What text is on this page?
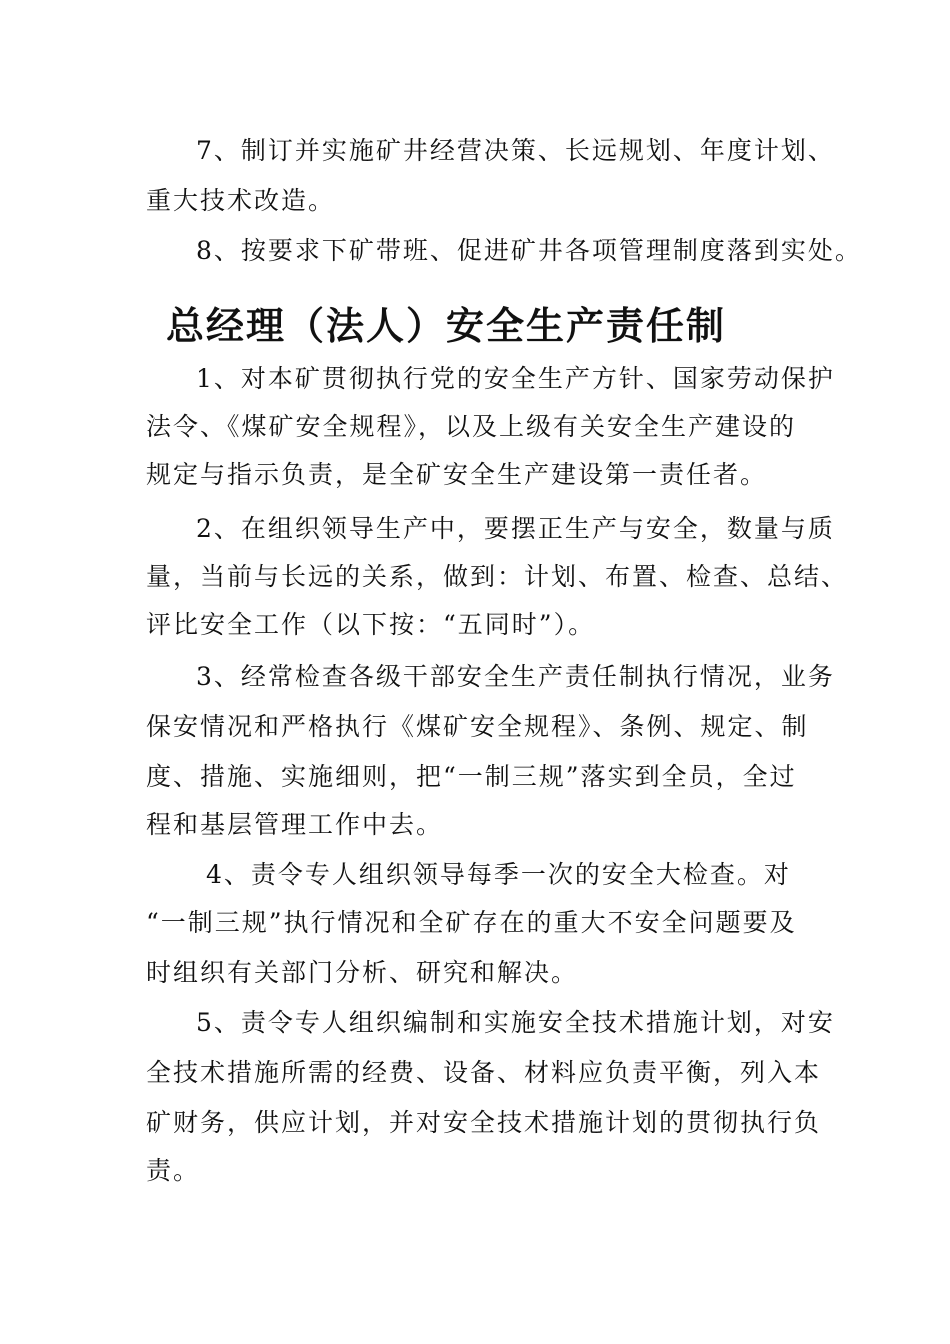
7、制订并实施矿井经营决策、长远规划、年度计划、

重大技术改造。

8、按要求下矿带班、促进矿井各项管理制度落到实处。

总经理（法人）安全生产责任制

1、对本矿贯彻执行党的安全生产方针、国家劳动保护

法令、《煤矿安全规程》，以及上级有关安全生产建设的

规定与指示负责，是全矿安全生产建设第一责任者。

2、在组织领导生产中，要摆正生产与安全，数量与质

量，当前与长远的关系，做到：计划、布置、检查、总结、

评比安全工作（以下按：“五同时”）。

3、经常检查各级干部安全生产责任制执行情况，业务

保安情况和严格执行《煤矿安全规程》、条例、规定、制

度、措施、实施细则，把“一制三规”落实到全员，全过

程和基层管理工作中去。

4、责令专人组织领导每季一次的安全大检查。对

“一制三规”执行情况和全矿存在的重大不安全问题要及

时组织有关部门分析、研究和解决。

5、责令专人组织编制和实施安全技术措施计划，对安

全技术措施所需的经费、设备、材料应负责平衡，列入本

矿财务，供应计划，并对安全技术措施计划的贯彻执行负

责。
